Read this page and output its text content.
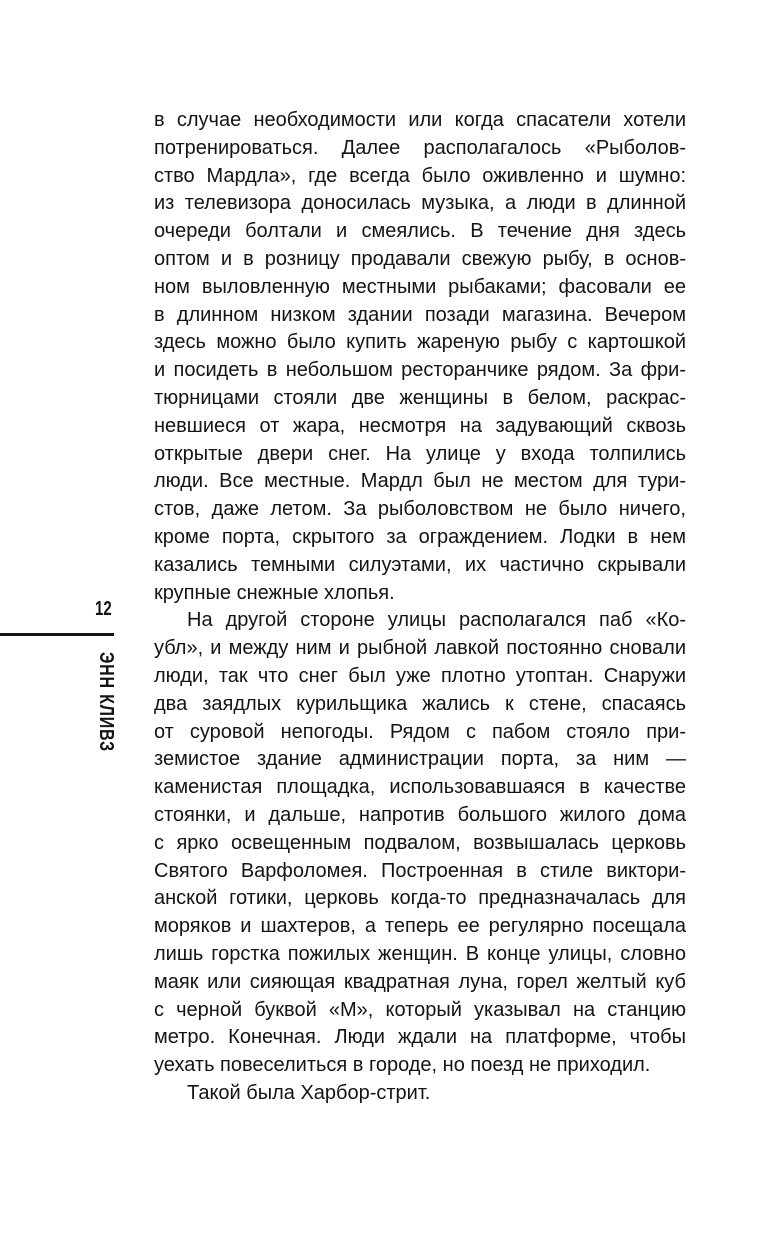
12
ЭНН КЛИВЗ
в случае необходимости или когда спасатели хотели
потренироваться. Далее располагалось «Рыболов-
ство Мардла», где всегда было оживленно и шумно:
из телевизора доносилась музыка, а люди в длинной
очереди болтали и смеялись. В течение дня здесь
оптом и в розницу продавали свежую рыбу, в основ-
ном выловленную местными рыбаками; фасовали ее
в длинном низком здании позади магазина. Вечером
здесь можно было купить жареную рыбу с картошкой
и посидеть в небольшом ресторанчике рядом. За фри-
тюрницами стояли две женщины в белом, раскрас-
невшиеся от жара, несмотря на задувающий сквозь
открытые двери снег. На улице у входа толпились
люди. Все местные. Мардл был не местом для тури-
стов, даже летом. За рыболовством не было ничего,
кроме порта, скрытого за ограждением. Лодки в нем
казались темными силуэтами, их частично скрывали
крупные снежные хлопья.
На другой стороне улицы располагался паб «Ко-
убл», и между ним и рыбной лавкой постоянно сновали
люди, так что снег был уже плотно утоптан. Снаружи
два заядлых курильщика жались к стене, спасаясь
от суровой непогоды. Рядом с пабом стояло при-
земистое здание администрации порта, за ним —
каменистая площадка, использовавшаяся в качестве
стоянки, и дальше, напротив большого жилого дома
с ярко освещенным подвалом, возвышалась церковь
Святого Варфоломея. Построенная в стиле виктори-
анской готики, церковь когда-то предназначалась для
моряков и шахтеров, а теперь ее регулярно посещала
лишь горстка пожилых женщин. В конце улицы, словно
маяк или сияющая квадратная луна, горел желтый куб
с черной буквой «М», который указывал на станцию
метро. Конечная. Люди ждали на платформе, чтобы
уехать повеселиться в городе, но поезд не приходил.
Такой была Харбор-стрит.
